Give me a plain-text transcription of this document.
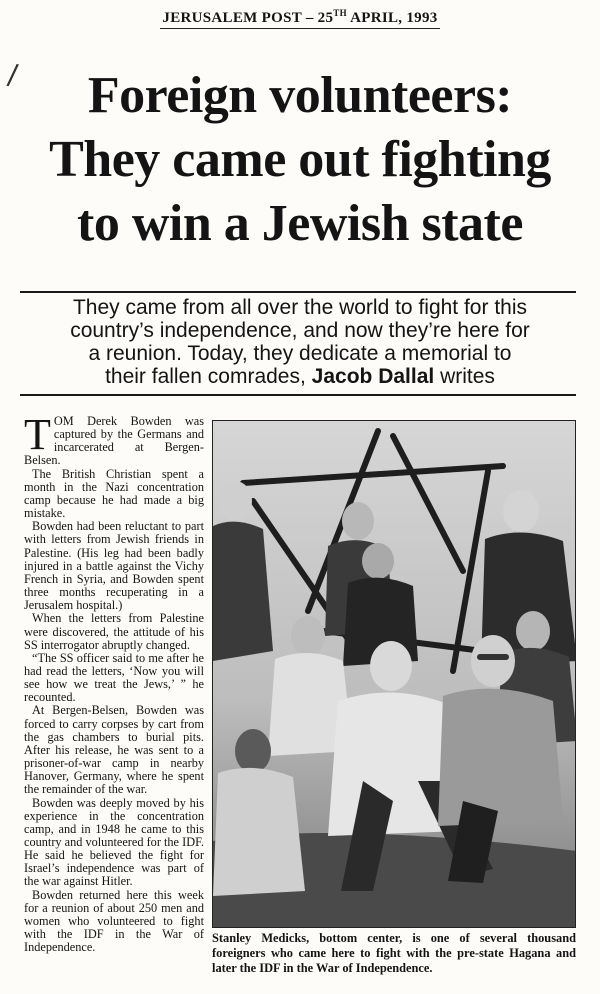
JERUSALEM POST – 25TH APRIL, 1993
/	Foreign volunteers:
They came out fighting
to win a Jewish state
They came from all over the world to fight for this
country’s independence, and now they’re here for
a reunion. Today, they dedicate a memorial to
their fallen comrades, Jacob Dallal writes

TOM Derek Bowden was captured by the Germans and incarcerated at Bergen-Belsen.

The British Christian spent a month in the Nazi concentration camp because he had made a big mistake.

Bowden had been reluctant to part with letters from Jewish friends in Palestine. (His leg had been badly injured in a battle against the Vichy French in Syria, and Bowden spent three months recuperating in a Jerusalem hospital.)

When the letters from Palestine were discovered, the attitude of his SS interrogator abruptly changed.

“The SS officer said to me after he had read the letters, ‘Now you will see how we treat the Jews,’ ” he recounted.

At Bergen-Belsen, Bowden was forced to carry corpses by cart from the gas chambers to burial pits. After his release, he was sent to a prisoner-of-war camp in nearby Hanover, Germany, where he spent the remainder of the war.

Bowden was deeply moved by his experience in the concentration camp, and in 1948 he came to this country and volunteered for the IDF. He said he believed the fight for Israel’s independence was part of the war against Hitler.

Bowden returned here this week for a reunion of about 250 men and women who volunteered to fight with the IDF in the War of Independence.

Stanley Medicks, bottom center, is one of several thousand foreigners who came here to fight with the pre-state Hagana and later the IDF in the War of Independence.
